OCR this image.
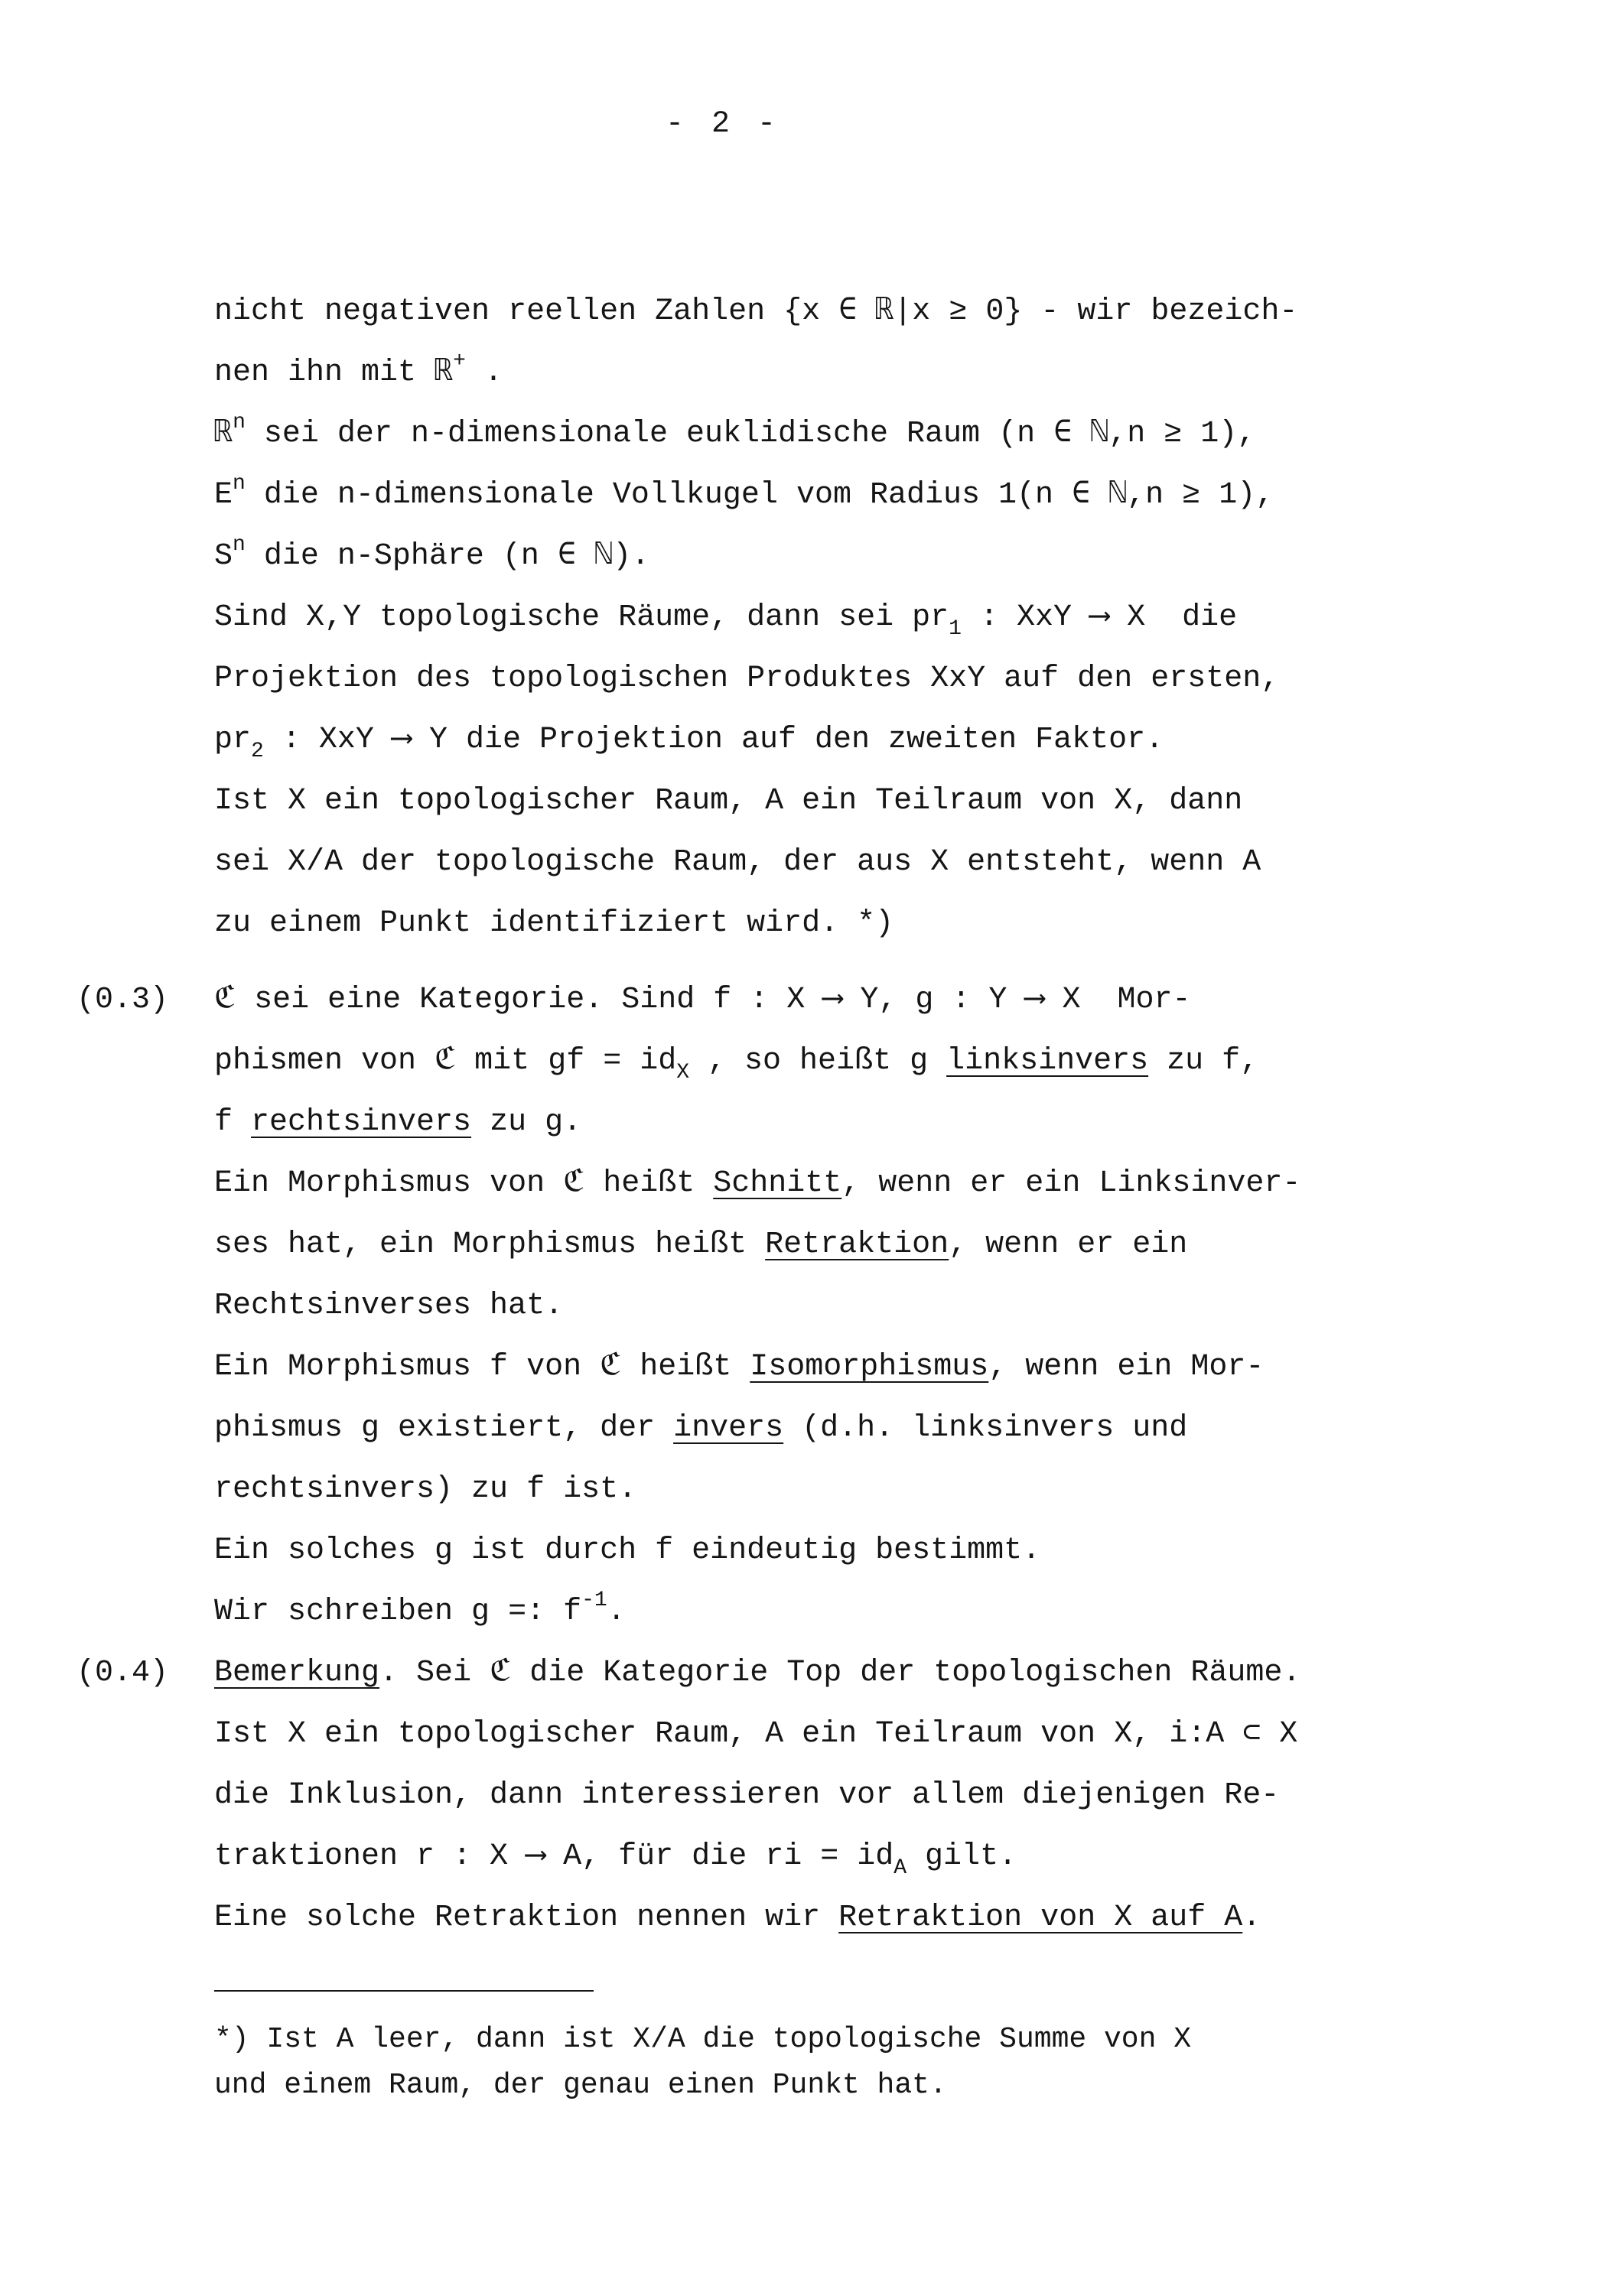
- 2 -
nicht negativen reellen Zahlen {x ∈ ℝ|x ≥ 0} - wir bezeich-
nen ihn mit ℝ+ .
ℝ$^n$ sei der n-dimensionale euklidische Raum (n ∈ ℕ,n ≥ 1),
$E^n$ die n-dimensionale Vollkugel vom Radius 1(n ∈ ℕ,n ≥ 1),
$S^n$ die n-Sphäre (n ∈ ℕ).
Sind X,Y topologische Räume, dann sei $pr_1$ : XxY ⟶ X  die
Projektion des topologischen Produktes XxY auf den ersten,
$pr_2$ : XxY ⟶ Y die Projektion auf den zweiten Faktor.
Ist X ein topologischer Raum, A ein Teilraum von X, dann
sei X/A der topologische Raum, der aus X entsteht, wenn A
zu einem Punkt identifiziert wird. *)
(0.3) ℭ sei eine Kategorie. Sind f : X ⟶ Y, g : Y ⟶ X  Mor-
phismen von ℭ mit gf = $id_X$ , so heißt g linksinvers zu f,
f rechtsinvers zu g.
Ein Morphismus von ℭ heißt Schnitt, wenn er ein Linksinver-
ses hat, ein Morphismus heißt Retraktion, wenn er ein
Rechtsinverses hat.
Ein Morphismus f von ℭ heißt Isomorphismus, wenn ein Mor-
phismus g existiert, der invers (d.h. linksinvers und
rechtsinvers) zu f ist.
Ein solches g ist durch f eindeutig bestimmt.
Wir schreiben g =: $f^{-1}$.
(0.4) Bemerkung. Sei ℭ die Kategorie Top der topologischen Räume.
Ist X ein topologischer Raum, A ein Teilraum von X, i:A ⊂ X
die Inklusion, dann interessieren vor allem diejenigen Re-
traktionen r : X ⟶ A, für die ri = $id_A$ gilt.
Eine solche Retraktion nennen wir Retraktion von X auf A.
*) Ist A leer, dann ist X/A die topologische Summe von X
und einem Raum, der genau einen Punkt hat.
